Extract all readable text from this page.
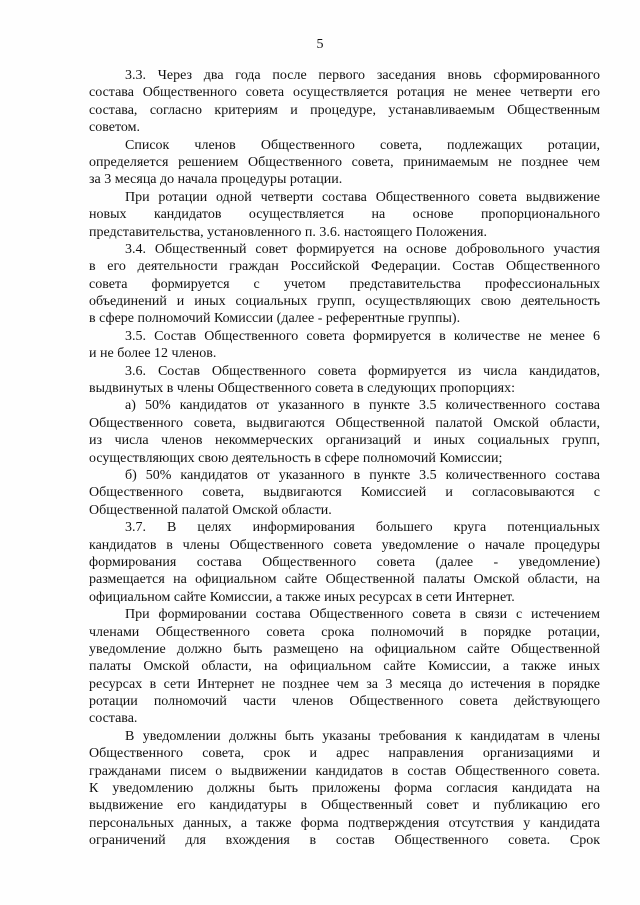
5

3.3. Через два года после первого заседания вновь сформированного
состава Общественного совета осуществляется ротация не менее четверти его
состава, согласно критериям и процедуре, устанавливаемым Общественным
советом.

Список членов Общественного совета, подлежащих ротации,
определяется решением Общественного совета, принимаемым не позднее чем
за 3 месяца до начала процедуры ротации.

При ротации одной четверти состава Общественного совета выдвижение
новых кандидатов осуществляется на основе пропорционального
представительства, установленного п. 3.6. настоящего Положения.

3.4. Общественный совет формируется на основе добровольного участия
в его деятельности граждан Российской Федерации. Состав Общественного
совета формируется с учетом представительства профессиональных
объединений и иных социальных групп, осуществляющих свою деятельность
в сфере полномочий Комиссии (далее - референтные группы).

3.5. Состав Общественного совета формируется в количестве не менее 6
и не более 12 членов.

3.6. Состав Общественного совета формируется из числа кандидатов,
выдвинутых в члены Общественного совета в следующих пропорциях:

а) 50% кандидатов от указанного в пункте 3.5 количественного состава
Общественного совета, выдвигаются Общественной палатой Омской области,
из числа членов некоммерческих организаций и иных социальных групп,
осуществляющих свою деятельность в сфере полномочий Комиссии;

б) 50% кандидатов от указанного в пункте 3.5 количественного состава
Общественного совета, выдвигаются Комиссией и согласовываются с
Общественной палатой Омской области.

3.7. В целях информирования большего круга потенциальных
кандидатов в члены Общественного совета уведомление о начале процедуры
формирования состава Общественного совета (далее - уведомление)
размещается на официальном сайте Общественной палаты Омской области, на
официальном сайте Комиссии, а также иных ресурсах в сети Интернет.

При формировании состава Общественного совета в связи с истечением
членами Общественного совета срока полномочий в порядке ротации,
уведомление должно быть размещено на официальном сайте Общественной
палаты Омской области, на официальном сайте Комиссии, а также иных
ресурсах в сети Интернет не позднее чем за 3 месяца до истечения в порядке
ротации полномочий части членов Общественного совета действующего
состава.

В уведомлении должны быть указаны требования к кандидатам в члены
Общественного совета, срок и адрес направления организациями и
гражданами писем о выдвижении кандидатов в состав Общественного совета.
К уведомлению должны быть приложены форма согласия кандидата на
выдвижение его кандидатуры в Общественный совет и публикацию его
персональных данных, а также форма подтверждения отсутствия у кандидата
ограничений для вхождения в состав Общественного совета. Срок
